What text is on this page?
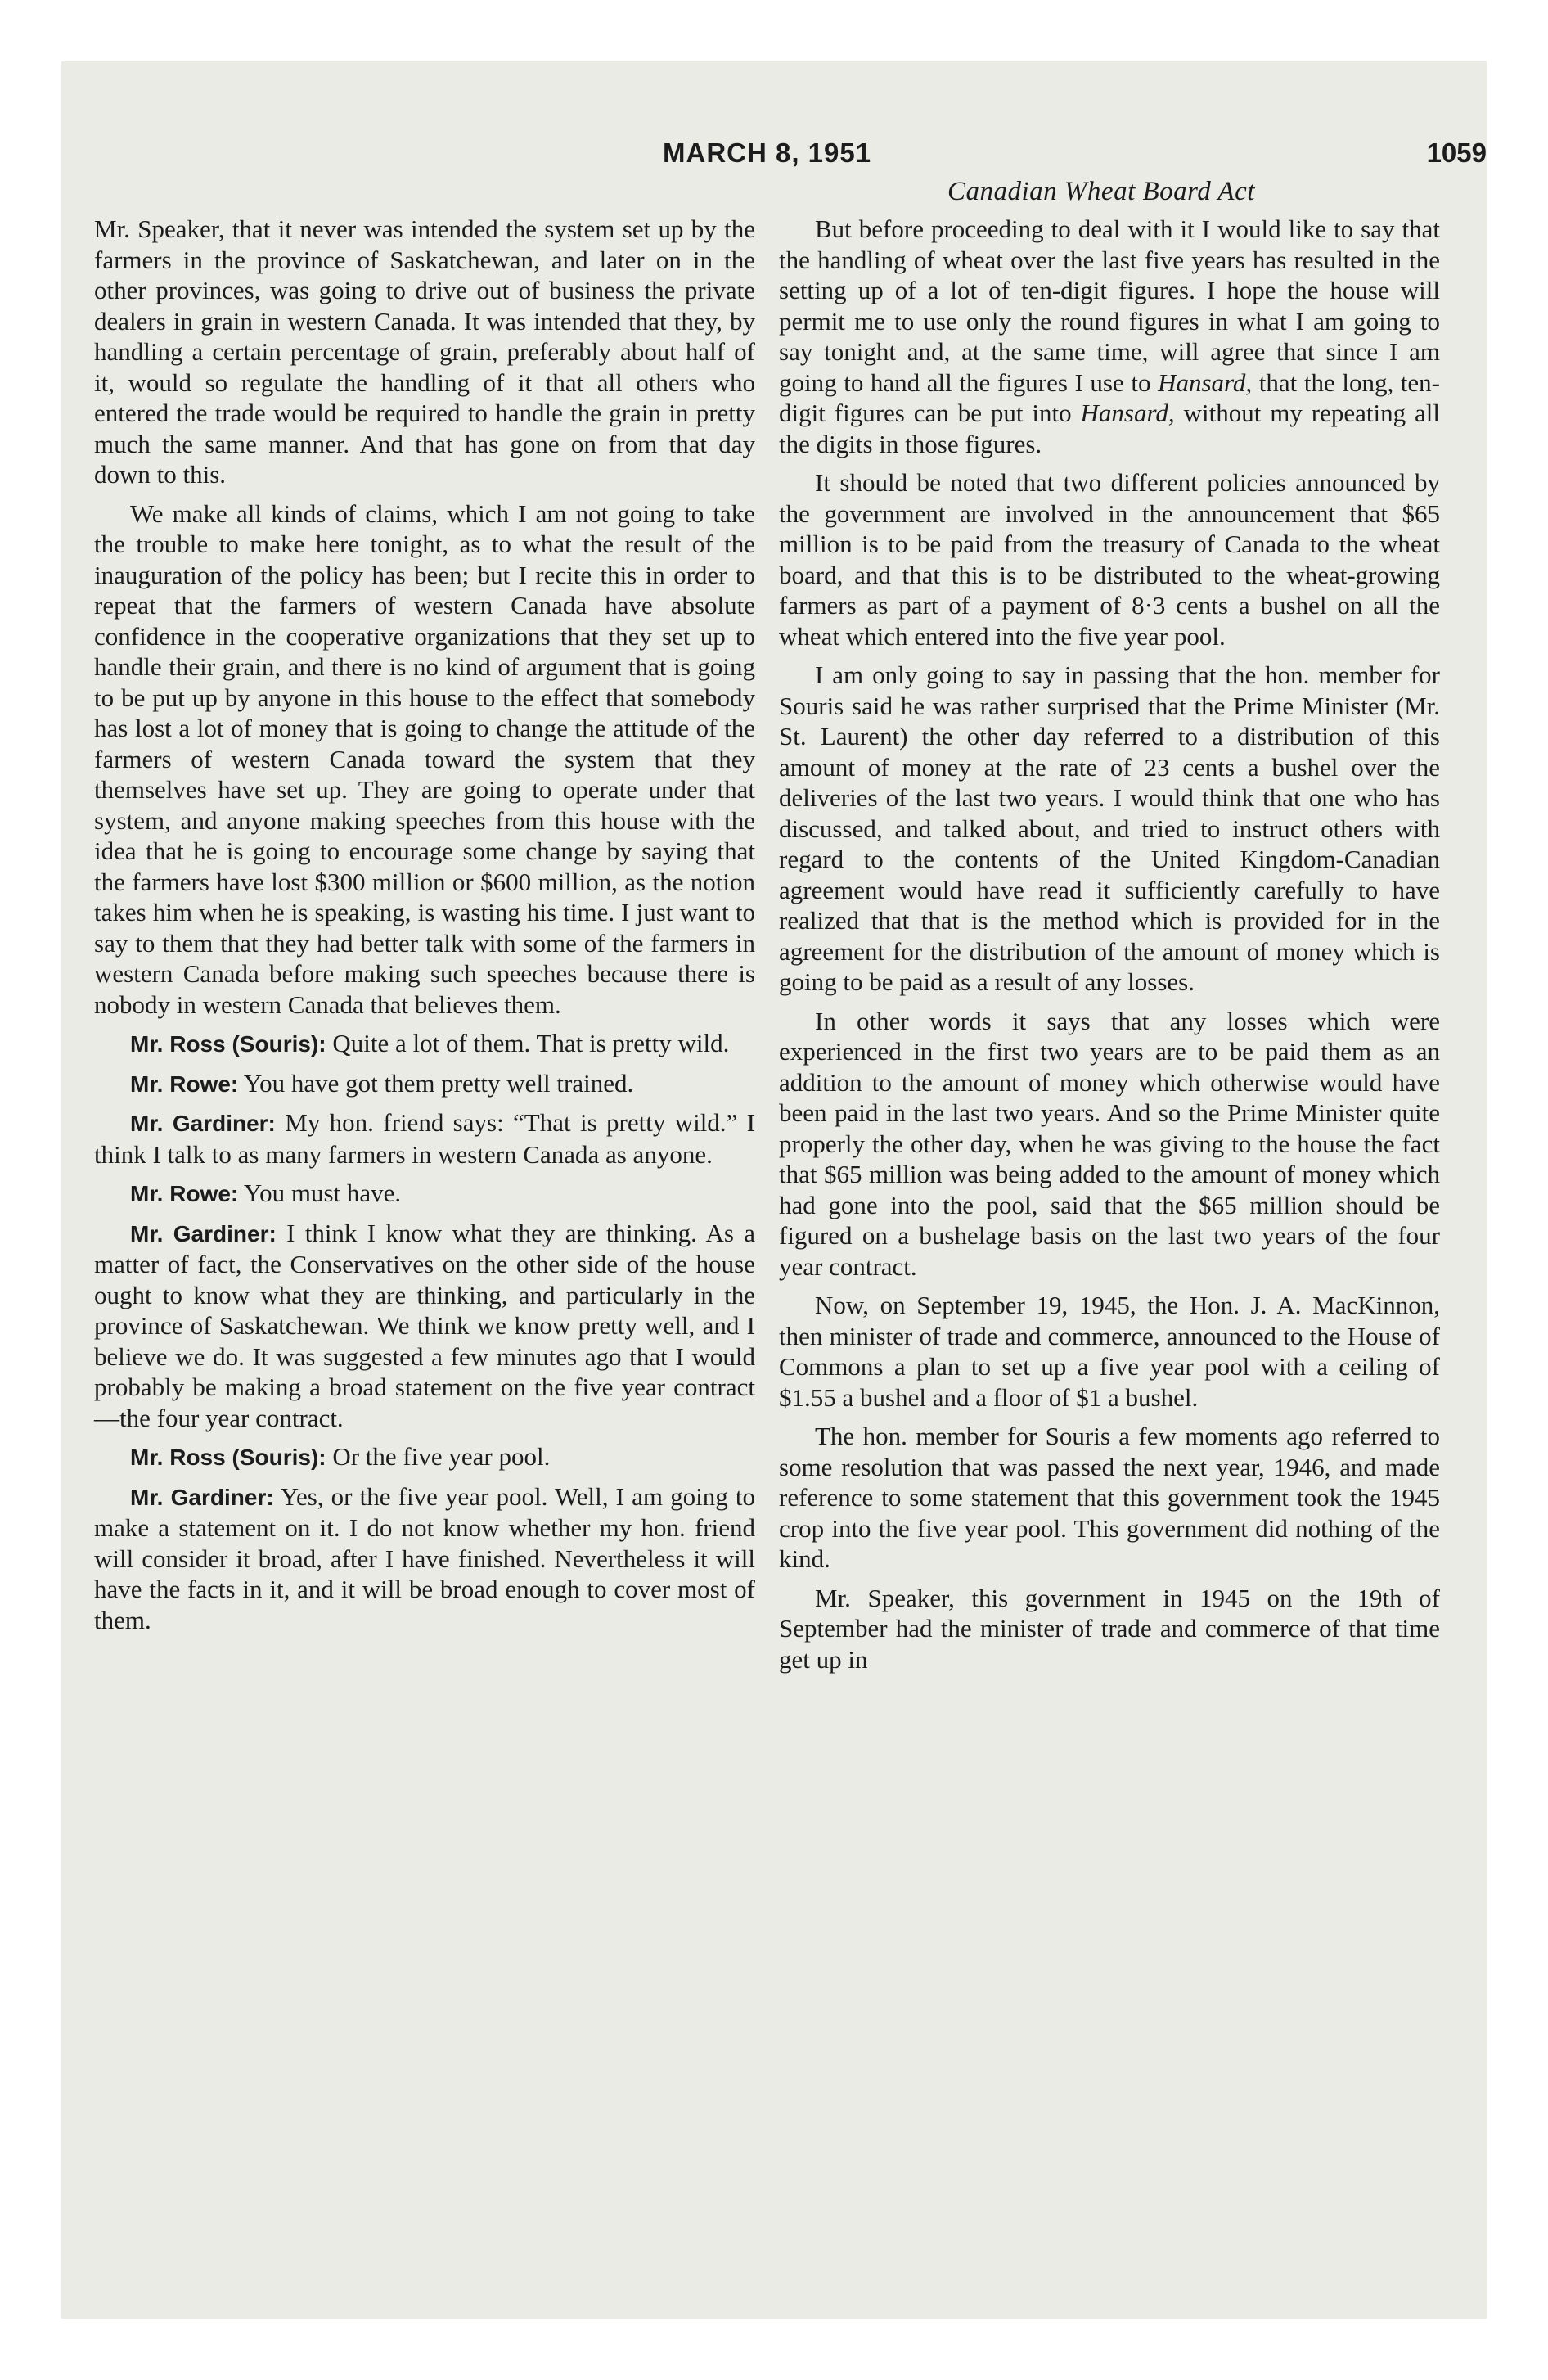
MARCH 8, 1951	1059
Canadian Wheat Board Act

Mr. Speaker, that it never was intended the system set up by the farmers in the province of Saskatchewan, and later on in the other provinces, was going to drive out of business the private dealers in grain in western Canada. It was intended that they, by handling a certain percentage of grain, preferably about half of it, would so regulate the handling of it that all others who entered the trade would be required to handle the grain in pretty much the same manner. And that has gone on from that day down to this.

We make all kinds of claims, which I am not going to take the trouble to make here tonight, as to what the result of the inauguration of the policy has been; but I recite this in order to repeat that the farmers of western Canada have absolute confidence in the cooperative organizations that they set up to handle their grain, and there is no kind of argument that is going to be put up by anyone in this house to the effect that somebody has lost a lot of money that is going to change the attitude of the farmers of western Canada toward the system that they themselves have set up. They are going to operate under that system, and anyone making speeches from this house with the idea that he is going to encourage some change by saying that the farmers have lost $300 million or $600 million, as the notion takes him when he is speaking, is wasting his time. I just want to say to them that they had better talk with some of the farmers in western Canada before making such speeches because there is nobody in western Canada that believes them.

Mr. Ross (Souris): Quite a lot of them. That is pretty wild.

Mr. Rowe: You have got them pretty well trained.

Mr. Gardiner: My hon. friend says: “That is pretty wild.” I think I talk to as many farmers in western Canada as anyone.

Mr. Rowe: You must have.

Mr. Gardiner: I think I know what they are thinking. As a matter of fact, the Conservatives on the other side of the house ought to know what they are thinking, and particularly in the province of Saskatchewan. We think we know pretty well, and I believe we do. It was suggested a few minutes ago that I would probably be making a broad statement on the five year contract—the four year contract.

Mr. Ross (Souris): Or the five year pool.

Mr. Gardiner: Yes, or the five year pool. Well, I am going to make a statement on it. I do not know whether my hon. friend will consider it broad, after I have finished. Nevertheless it will have the facts in it, and it will be broad enough to cover most of them.

But before proceeding to deal with it I would like to say that the handling of wheat over the last five years has resulted in the setting up of a lot of ten-digit figures. I hope the house will permit me to use only the round figures in what I am going to say tonight and, at the same time, will agree that since I am going to hand all the figures I use to Hansard, that the long, ten-digit figures can be put into Hansard, without my repeating all the digits in those figures.

It should be noted that two different policies announced by the government are involved in the announcement that $65 million is to be paid from the treasury of Canada to the wheat board, and that this is to be distributed to the wheat-growing farmers as part of a payment of 8·3 cents a bushel on all the wheat which entered into the five year pool.

I am only going to say in passing that the hon. member for Souris said he was rather surprised that the Prime Minister (Mr. St. Laurent) the other day referred to a distribution of this amount of money at the rate of 23 cents a bushel over the deliveries of the last two years. I would think that one who has discussed, and talked about, and tried to instruct others with regard to the contents of the United Kingdom-Canadian agreement would have read it sufficiently carefully to have realized that that is the method which is provided for in the agreement for the distribution of the amount of money which is going to be paid as a result of any losses.

In other words it says that any losses which were experienced in the first two years are to be paid them as an addition to the amount of money which otherwise would have been paid in the last two years. And so the Prime Minister quite properly the other day, when he was giving to the house the fact that $65 million was being added to the amount of money which had gone into the pool, said that the $65 million should be figured on a bushelage basis on the last two years of the four year contract.

Now, on September 19, 1945, the Hon. J. A. MacKinnon, then minister of trade and commerce, announced to the House of Commons a plan to set up a five year pool with a ceiling of $1.55 a bushel and a floor of $1 a bushel.

The hon. member for Souris a few moments ago referred to some resolution that was passed the next year, 1946, and made reference to some statement that this government took the 1945 crop into the five year pool. This government did nothing of the kind.

Mr. Speaker, this government in 1945 on the 19th of September had the minister of trade and commerce of that time get up in
